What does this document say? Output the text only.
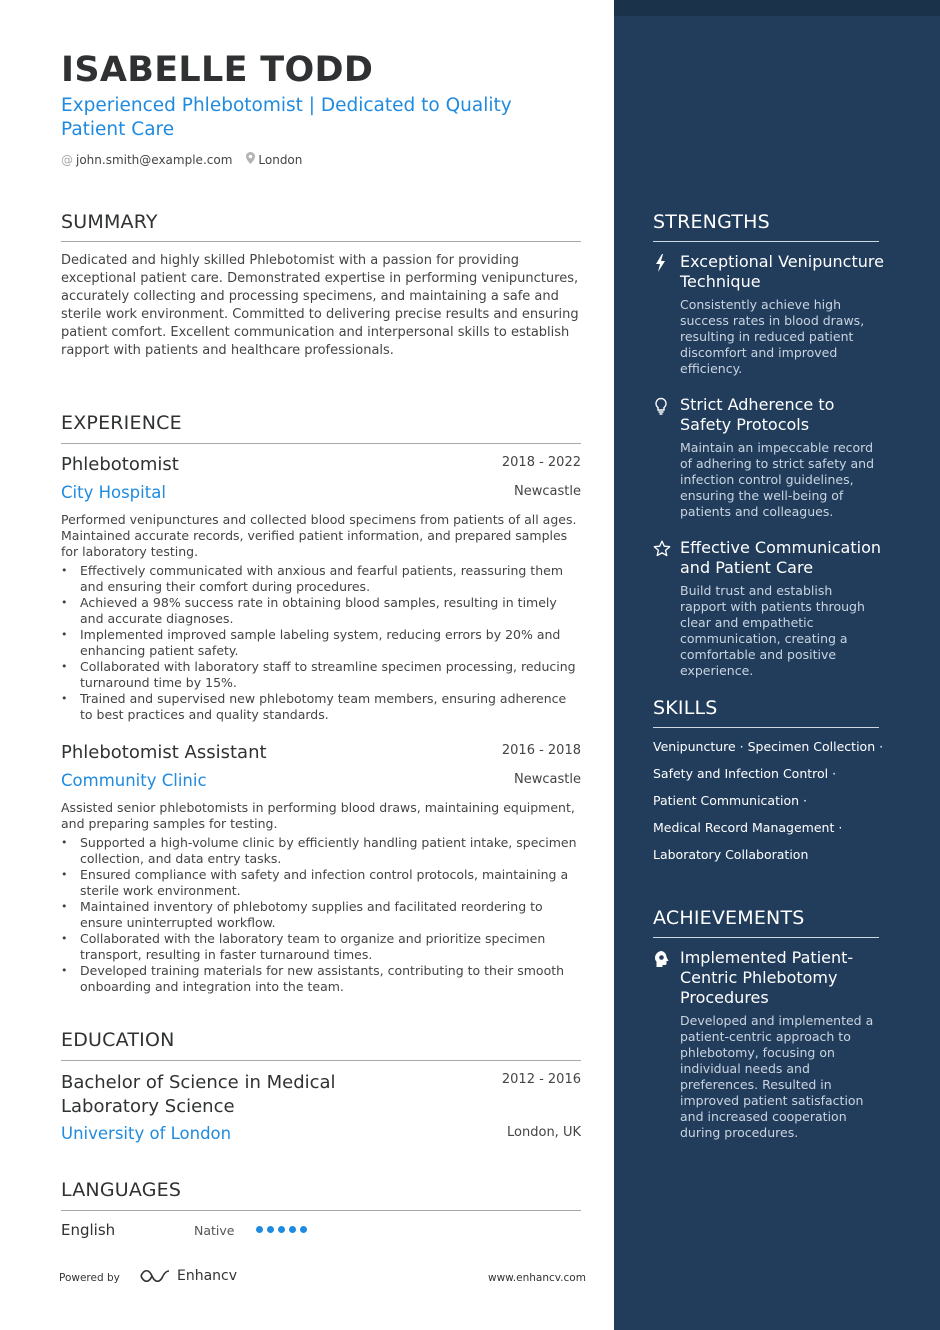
ISABELLE TODD
Experienced Phlebotomist | Dedicated to Quality Patient Care
@ john.smith@example.com London
SUMMARY
Dedicated and highly skilled Phlebotomist with a passion for providing exceptional patient care. Demonstrated expertise in performing venipunctures, accurately collecting and processing specimens, and maintaining a safe and sterile work environment. Committed to delivering precise results and ensuring patient comfort. Excellent communication and interpersonal skills to establish rapport with patients and healthcare professionals.
EXPERIENCE
Phlebotomist	2018 - 2022
City Hospital	Newcastle
Performed venipunctures and collected blood specimens from patients of all ages. Maintained accurate records, verified patient information, and prepared samples for laboratory testing.
• Effectively communicated with anxious and fearful patients, reassuring them and ensuring their comfort during procedures.
• Achieved a 98% success rate in obtaining blood samples, resulting in timely and accurate diagnoses.
• Implemented improved sample labeling system, reducing errors by 20% and enhancing patient safety.
• Collaborated with laboratory staff to streamline specimen processing, reducing turnaround time by 15%.
• Trained and supervised new phlebotomy team members, ensuring adherence to best practices and quality standards.
Phlebotomist Assistant	2016 - 2018
Community Clinic	Newcastle
Assisted senior phlebotomists in performing blood draws, maintaining equipment, and preparing samples for testing.
• Supported a high-volume clinic by efficiently handling patient intake, specimen collection, and data entry tasks.
• Ensured compliance with safety and infection control protocols, maintaining a sterile work environment.
• Maintained inventory of phlebotomy supplies and facilitated reordering to ensure uninterrupted workflow.
• Collaborated with the laboratory team to organize and prioritize specimen transport, resulting in faster turnaround times.
• Developed training materials for new assistants, contributing to their smooth onboarding and integration into the team.
EDUCATION
Bachelor of Science in Medical Laboratory Science
2012 - 2016
University of London	London, UK
LANGUAGES
English	Native
Powered by	Enhancv	www.enhancv.com
STRENGTHS
Exceptional Venipuncture Technique
Consistently achieve high success rates in blood draws, resulting in reduced patient discomfort and improved efficiency.
Strict Adherence to Safety Protocols
Maintain an impeccable record of adhering to strict safety and infection control guidelines, ensuring the well-being of patients and colleagues.
Effective Communication and Patient Care
Build trust and establish rapport with patients through clear and empathetic communication, creating a comfortable and positive experience.
SKILLS
Venipuncture · Specimen Collection ·
Safety and Infection Control ·
Patient Communication ·
Medical Record Management ·
Laboratory Collaboration
ACHIEVEMENTS
Implemented Patient-Centric Phlebotomy Procedures
Developed and implemented a patient-centric approach to phlebotomy, focusing on individual needs and preferences. Resulted in improved patient satisfaction and increased cooperation during procedures.
